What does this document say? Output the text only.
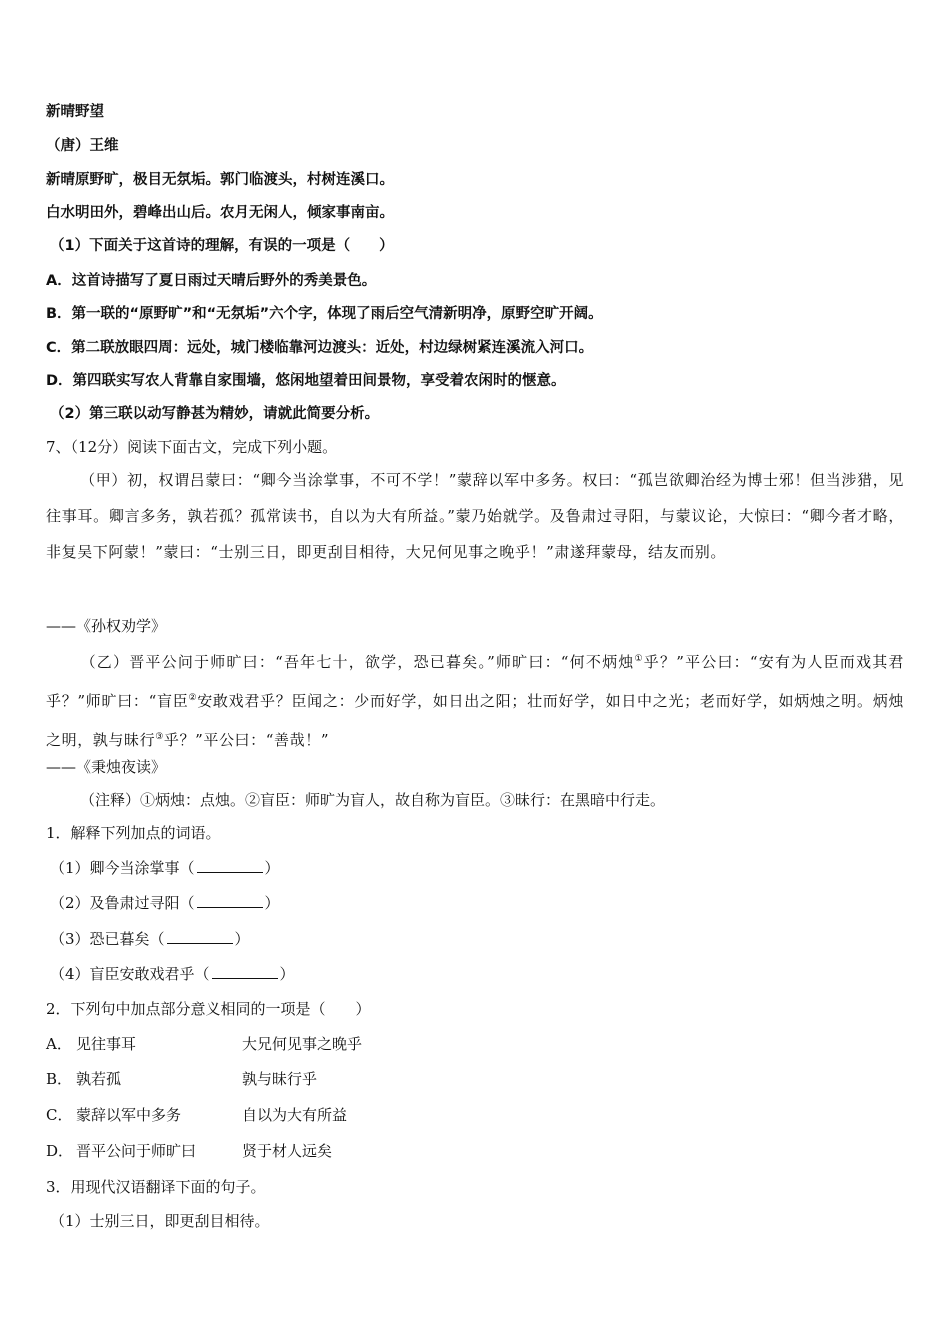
新晴野望
（唐）王维
新晴原野旷，极目无氛垢。郭门临渡头，村树连溪口。
白水明田外，碧峰出山后。农月无闲人，倾家事南亩。
（1）下面关于这首诗的理解，有误的一项是（　　）
A．这首诗描写了夏日雨过天晴后野外的秀美景色。
B．第一联的“原野旷”和“无氛垢”六个字，体现了雨后空气清新明净，原野空旷开阔。
C．第二联放眼四周：远处，城门楼临靠河边渡头：近处，村边绿树紧连溪流入河口。
D．第四联实写农人背靠自家围墙，悠闲地望着田间景物，享受着农闲时的惬意。
（2）第三联以动写静甚为精妙，请就此简要分析。
7、（12分）阅读下面古文，完成下列小题。
（甲）初，权谓吕蒙曰：“卿今当涂掌事，不可不学！”蒙辞以军中多务。权曰：“孤岂欲卿治经为博士邪！但当涉猎，见往事耳。卿言多务，孰若孤？孤常读书，自以为大有所益。”蒙乃始就学。及鲁肃过寻阳，与蒙议论，大惊曰：“卿今者才略，非复吴下阿蒙！”蒙曰：“士别三日，即更刮目相待，大兄何见事之晚乎！”肃遂拜蒙母，结友而别。
——《孙权劝学》
（乙）晋平公问于师旷曰：“吾年七十，欲学，恐已暮矣。”师旷曰：“何不炳烛①乎？”平公曰：“安有为人臣而戏其君乎？”师旷曰：“盲臣②安敢戏君乎？臣闻之：少而好学，如日出之阳；壮而好学，如日中之光；老而好学，如炳烛之明。炳烛之明，孰与昧行③乎？”平公曰：“善哉！”
——《秉烛夜读》
（注释）①炳烛：点烛。②盲臣：师旷为盲人，故自称为盲臣。③昧行：在黑暗中行走。
1．解释下列加点的词语。
（1）卿今当涂掌事（	）
（2）及鲁肃过寻阳（	）
（3）恐已暮矣（	）
（4）盲臣安敢戏君乎（	）
2．下列句中加点部分意义相同的一项是（　　）
A． 见往事耳	大兄何见事之晚乎
B． 孰若孤	孰与昧行乎
C． 蒙辞以军中多务	自以为大有所益
D． 晋平公问于师旷曰	贤于材人远矣
3．用现代汉语翻译下面的句子。
（1）士别三日，即更刮目相待。
